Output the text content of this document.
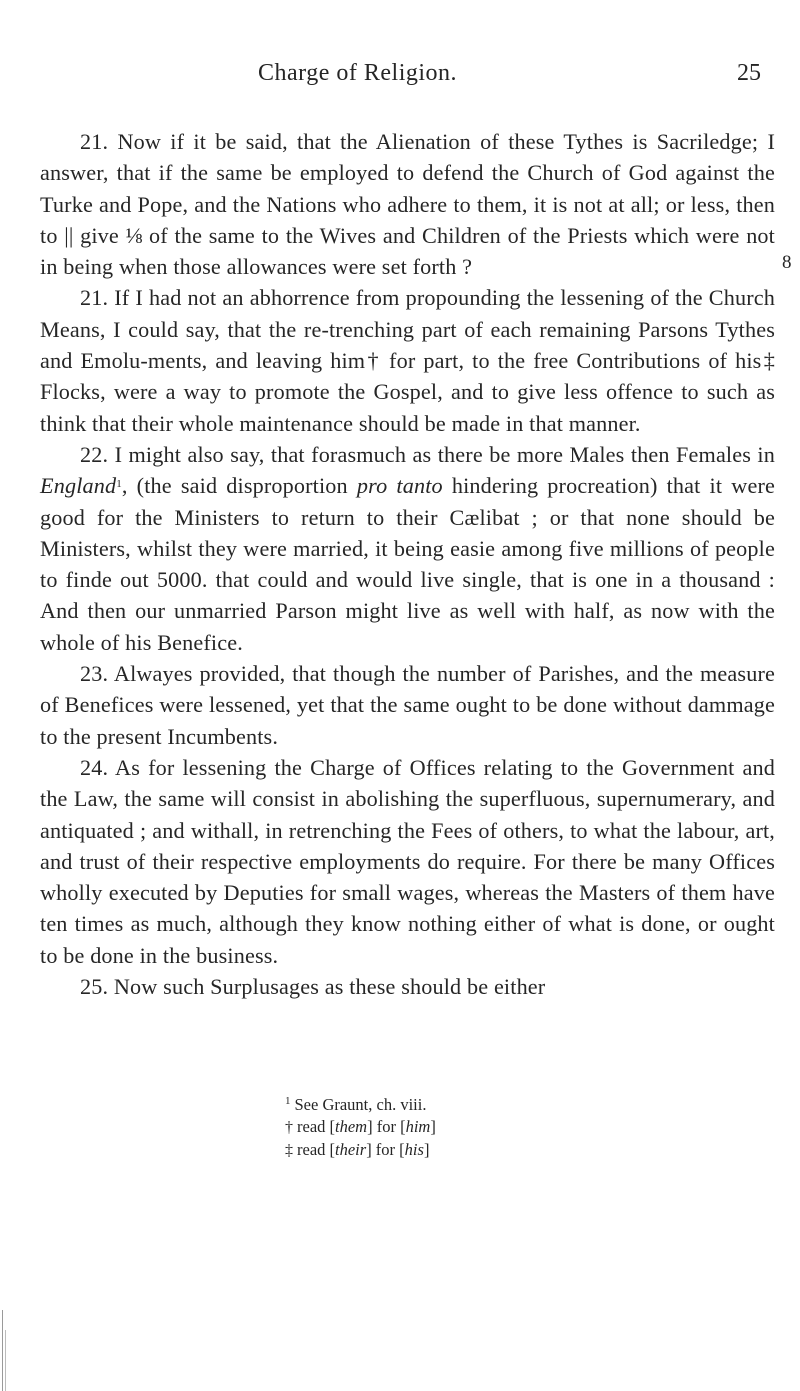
Charge of Religion.	25
8

21. Now if it be said, that the Alienation of these Tythes is Sacriledge; I answer, that if the same be employed to defend the Church of God against the Turke and Pope, and the Nations who adhere to them, it is not at all; or less, then to || give ⅛ of the same to the Wives and Children of the Priests which were not in being when those allowances were set forth ?

21. If I had not an abhorrence from propounding the lessening of the Church Means, I could say, that the re-trenching part of each remaining Parsons Tythes and Emolu-ments, and leaving him† for part, to the free Contributions of his‡ Flocks, were a way to promote the Gospel, and to give less offence to such as think that their whole maintenance should be made in that manner.

22. I might also say, that forasmuch as there be more Males then Females in England$^1$, (the said disproportion pro tanto hindering procreation) that it were good for the Ministers to return to their Cælibat ; or that none should be Ministers, whilst they were married, it being easie among five millions of people to finde out 5000. that could and would live single, that is one in a thousand : And then our unmarried Parson might live as well with half, as now with the whole of his Benefice.

23. Alwayes provided, that though the number of Parishes, and the measure of Benefices were lessened, yet that the same ought to be done without dammage to the present Incumbents.

24. As for lessening the Charge of Offices relating to the Government and the Law, the same will consist in abolishing the superfluous, supernumerary, and antiquated ; and withall, in retrenching the Fees of others, to what the labour, art, and trust of their respective employments do require. For there be many Offices wholly executed by Deputies for small wages, whereas the Masters of them have ten times as much, although they know nothing either of what is done, or ought to be done in the business.

25. Now such Surplusages as these should be either

$^1$ See Graunt, ch. viii.

† read [them] for [him]

‡ read [their] for [his]
